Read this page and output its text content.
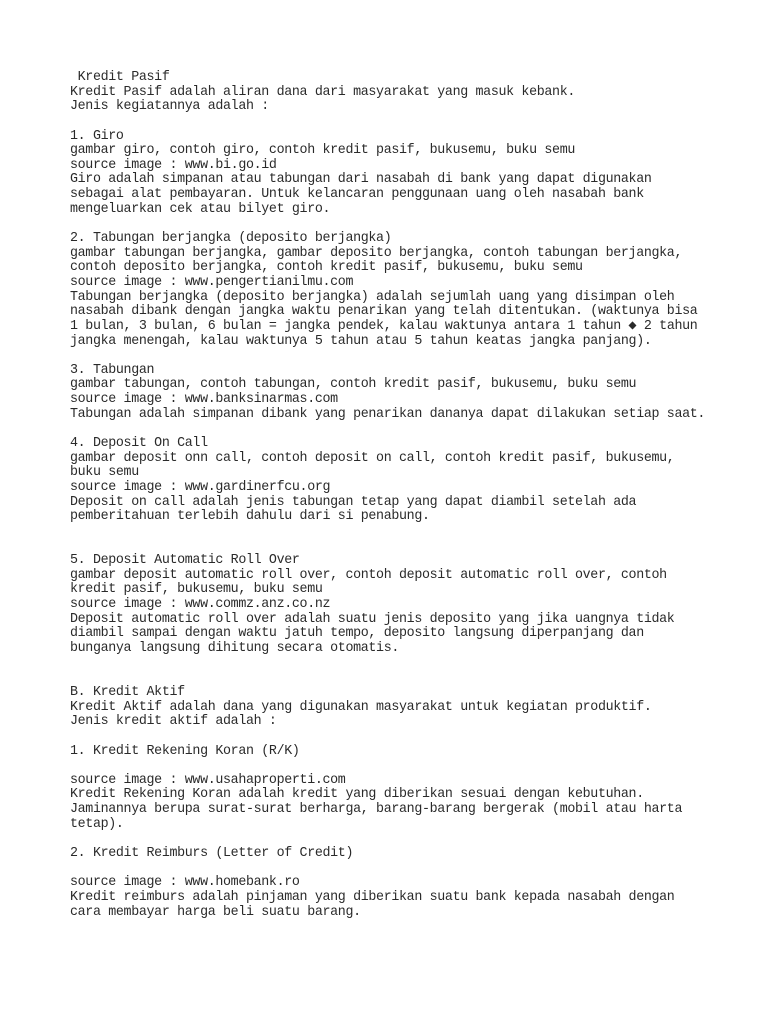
Kredit Pasif
Kredit Pasif adalah aliran dana dari masyarakat yang masuk kebank.
Jenis kegiatannya adalah :
1. Giro
gambar giro, contoh giro, contoh kredit pasif, bukusemu, buku semu
source image : www.bi.go.id
Giro adalah simpanan atau tabungan dari nasabah di bank yang dapat digunakan
sebagai alat pembayaran. Untuk kelancaran penggunaan uang oleh nasabah bank
mengeluarkan cek atau bilyet giro.
2. Tabungan berjangka (deposito berjangka)
gambar tabungan berjangka, gambar deposito berjangka, contoh tabungan berjangka,
contoh deposito berjangka, contoh kredit pasif, bukusemu, buku semu
source image : www.pengertianilmu.com
Tabungan berjangka (deposito berjangka) adalah sejumlah uang yang disimpan oleh
nasabah dibank dengan jangka waktu penarikan yang telah ditentukan. (waktunya bisa
1 bulan, 3 bulan, 6 bulan = jangka pendek, kalau waktunya antara 1 tahun ◆ 2 tahun
jangka menengah, kalau waktunya 5 tahun atau 5 tahun keatas jangka panjang).
3. Tabungan
gambar tabungan, contoh tabungan, contoh kredit pasif, bukusemu, buku semu
source image : www.banksinarmas.com
Tabungan adalah simpanan dibank yang penarikan dananya dapat dilakukan setiap saat.
4. Deposit On Call
gambar deposit onn call, contoh deposit on call, contoh kredit pasif, bukusemu,
buku semu
source image : www.gardinerfcu.org
Deposit on call adalah jenis tabungan tetap yang dapat diambil setelah ada
pemberitahuan terlebih dahulu dari si penabung.
5. Deposit Automatic Roll Over
gambar deposit automatic roll over, contoh deposit automatic roll over, contoh
kredit pasif, bukusemu, buku semu
source image : www.commz.anz.co.nz
Deposit automatic roll over adalah suatu jenis deposito yang jika uangnya tidak
diambil sampai dengan waktu jatuh tempo, deposito langsung diperpanjang dan
bunganya langsung dihitung secara otomatis.
B. Kredit Aktif
Kredit Aktif adalah dana yang digunakan masyarakat untuk kegiatan produktif.
Jenis kredit aktif adalah :
1. Kredit Rekening Koran (R/K)
source image : www.usahaproperti.com
Kredit Rekening Koran adalah kredit yang diberikan sesuai dengan kebutuhan.
Jaminannya berupa surat-surat berharga, barang-barang bergerak (mobil atau harta
tetap).
2. Kredit Reimburs (Letter of Credit)
source image : www.homebank.ro
Kredit reimburs adalah pinjaman yang diberikan suatu bank kepada nasabah dengan
cara membayar harga beli suatu barang.
